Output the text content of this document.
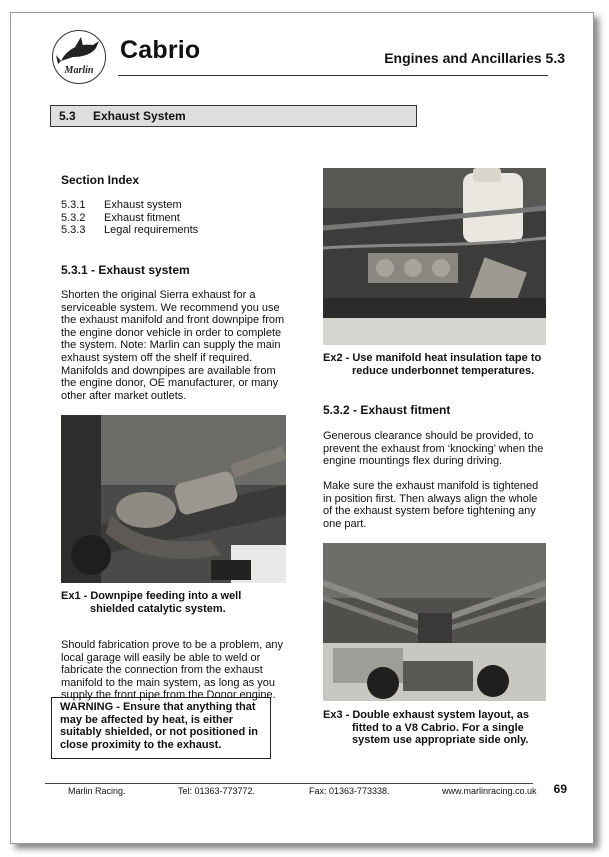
Marlin
Cabrio	Engines and Ancillaries 5.3
5.3 Exhaust System
Section Index
5.3.1 Exhaust system
5.3.2 Exhaust fitment
5.3.3 Legal requirements
5.3.1 - Exhaust system
Shorten the original Sierra exhaust for a
serviceable system. We recommend you use
the exhaust manifold and front downpipe from
the engine donor vehicle in order to complete
the system. Note: Marlin can supply the main
exhaust system off the shelf if required.
Manifolds and downpipes are available from
the engine donor, OE manufacturer, or many
other after market outlets.
Ex1 - Downpipe feeding into a well
shielded catalytic system.
Should fabrication prove to be a problem, any
local garage will easily be able to weld or
fabricate the connection from the exhaust
manifold to the main system, as long as you
supply the front pipe from the Donor engine.
WARNING - Ensure that anything that
may be affected by heat, is either
suitably shielded, or not positioned in
close proximity to the exhaust.
Ex2 - Use manifold heat insulation tape to
reduce underbonnet temperatures.
5.3.2 - Exhaust fitment
Generous clearance should be provided, to
prevent the exhaust from ‘knocking’ when the
engine mountings flex during driving.
Make sure the exhaust manifold is tightened
in position first. Then always align the whole
of the exhaust system before tightening any
one part.
Ex3 - Double exhaust system layout, as
fitted to a V8 Cabrio. For a single
system use appropriate side only.
Marlin Racing.	Tel: 01363-773772.	Fax: 01363-773338.	www.marlinracing.co.uk 69
